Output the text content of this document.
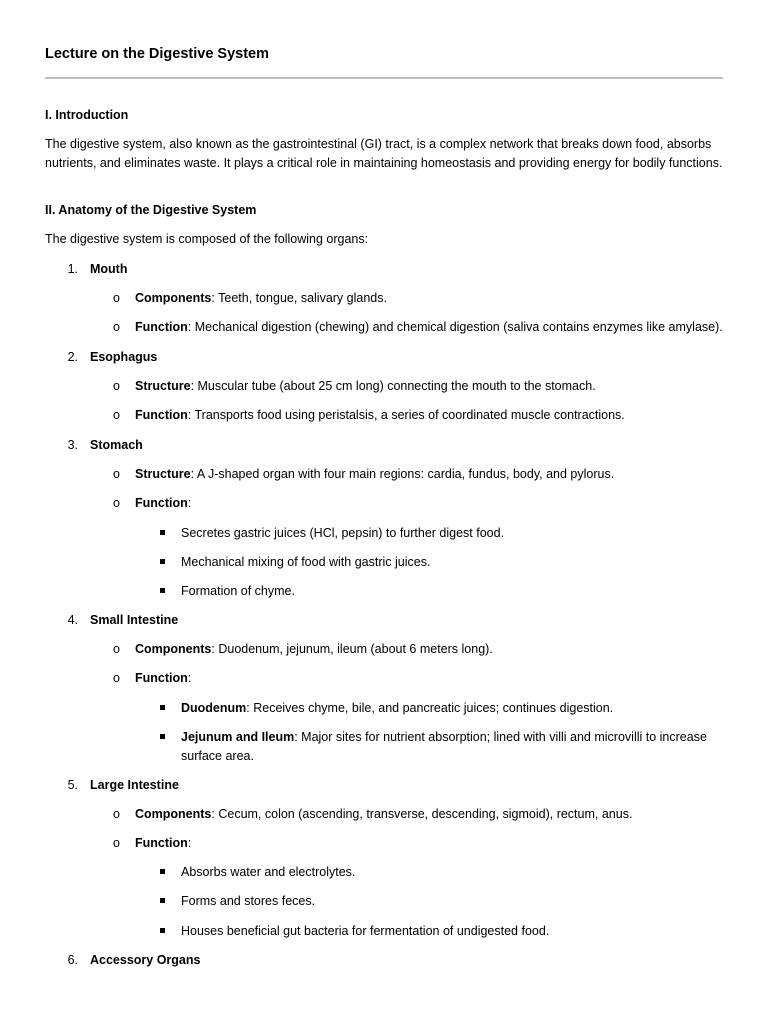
Lecture on the Digestive System
I. Introduction
The digestive system, also known as the gastrointestinal (GI) tract, is a complex network that breaks down food, absorbs nutrients, and eliminates waste. It plays a critical role in maintaining homeostasis and providing energy for bodily functions.
II. Anatomy of the Digestive System
The digestive system is composed of the following organs:
1. Mouth
o Components: Teeth, tongue, salivary glands.
o Function: Mechanical digestion (chewing) and chemical digestion (saliva contains enzymes like amylase).
2. Esophagus
o Structure: Muscular tube (about 25 cm long) connecting the mouth to the stomach.
o Function: Transports food using peristalsis, a series of coordinated muscle contractions.
3. Stomach
o Structure: A J-shaped organ with four main regions: cardia, fundus, body, and pylorus.
o Function:
Secretes gastric juices (HCl, pepsin) to further digest food.
Mechanical mixing of food with gastric juices.
Formation of chyme.
4. Small Intestine
o Components: Duodenum, jejunum, ileum (about 6 meters long).
o Function:
Duodenum: Receives chyme, bile, and pancreatic juices; continues digestion.
Jejunum and Ileum: Major sites for nutrient absorption; lined with villi and microvilli to increase surface area.
5. Large Intestine
o Components: Cecum, colon (ascending, transverse, descending, sigmoid), rectum, anus.
o Function:
Absorbs water and electrolytes.
Forms and stores feces.
Houses beneficial gut bacteria for fermentation of undigested food.
6. Accessory Organs
